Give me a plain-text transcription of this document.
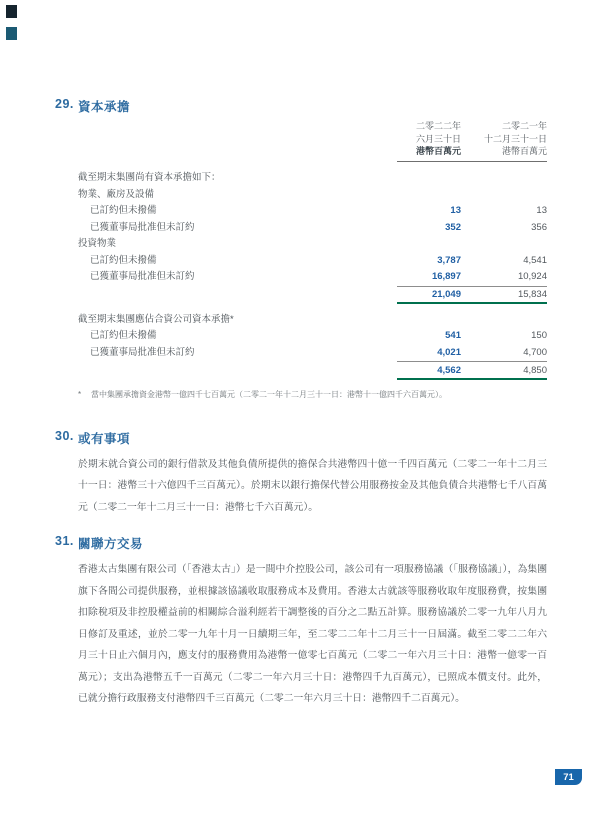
29. 資本承擔
二零二二年
六月三十日
港幣百萬元
二零二一年
十二月三十一日
港幣百萬元
截至期末集團尚有資本承擔如下：
物業、廠房及設備
已訂約但未撥備	13	13
已獲董事局批准但未訂約	352	356
投資物業
已訂約但未撥備	3,787	4,541
已獲董事局批准但未訂約	16,897	10,924
21,049	15,834
截至期末集團應佔合資公司資本承擔*
已訂約但未撥備	541	150
已獲董事局批准但未訂約	4,021	4,700
4,562	4,850
*	當中集團承擔資金港幣一億四千七百萬元（二零二一年十二月三十一日：港幣十一億四千六百萬元）。
30. 或有事項

於期末就合資公司的銀行借款及其他負債所提供的擔保合共港幣四十億一千四百萬元（二零二一年十二月三十一日：港幣三十六億四千三百萬元）。於期末以銀行擔保代替公用服務按金及其他負債合共港幣七千八百萬元（二零二一年十二月三十一日：港幣七千六百萬元）。

31. 關聯方交易

香港太古集團有限公司（「香港太古」）是一間中介控股公司，該公司有一項服務協議（「服務協議」），為集團旗下各間公司提供服務，並根據該協議收取服務成本及費用。香港太古就該等服務收取年度服務費，按集團扣除稅項及非控股權益前的相關綜合溢利經若干調整後的百分之二點五計算。服務協議於二零一九年八月九日修訂及重述，並於二零一九年十月一日續期三年，至二零二二年十二月三十一日屆滿。截至二零二二年六月三十日止六個月內，應支付的服務費用為港幣一億零七百萬元（二零二一年六月三十日：港幣一億零一百萬元）；支出為港幣五千一百萬元（二零二一年六月三十日：港幣四千九百萬元），已照成本價支付。此外，已就分擔行政服務支付港幣四千三百萬元（二零二一年六月三十日：港幣四千二百萬元）。

71
